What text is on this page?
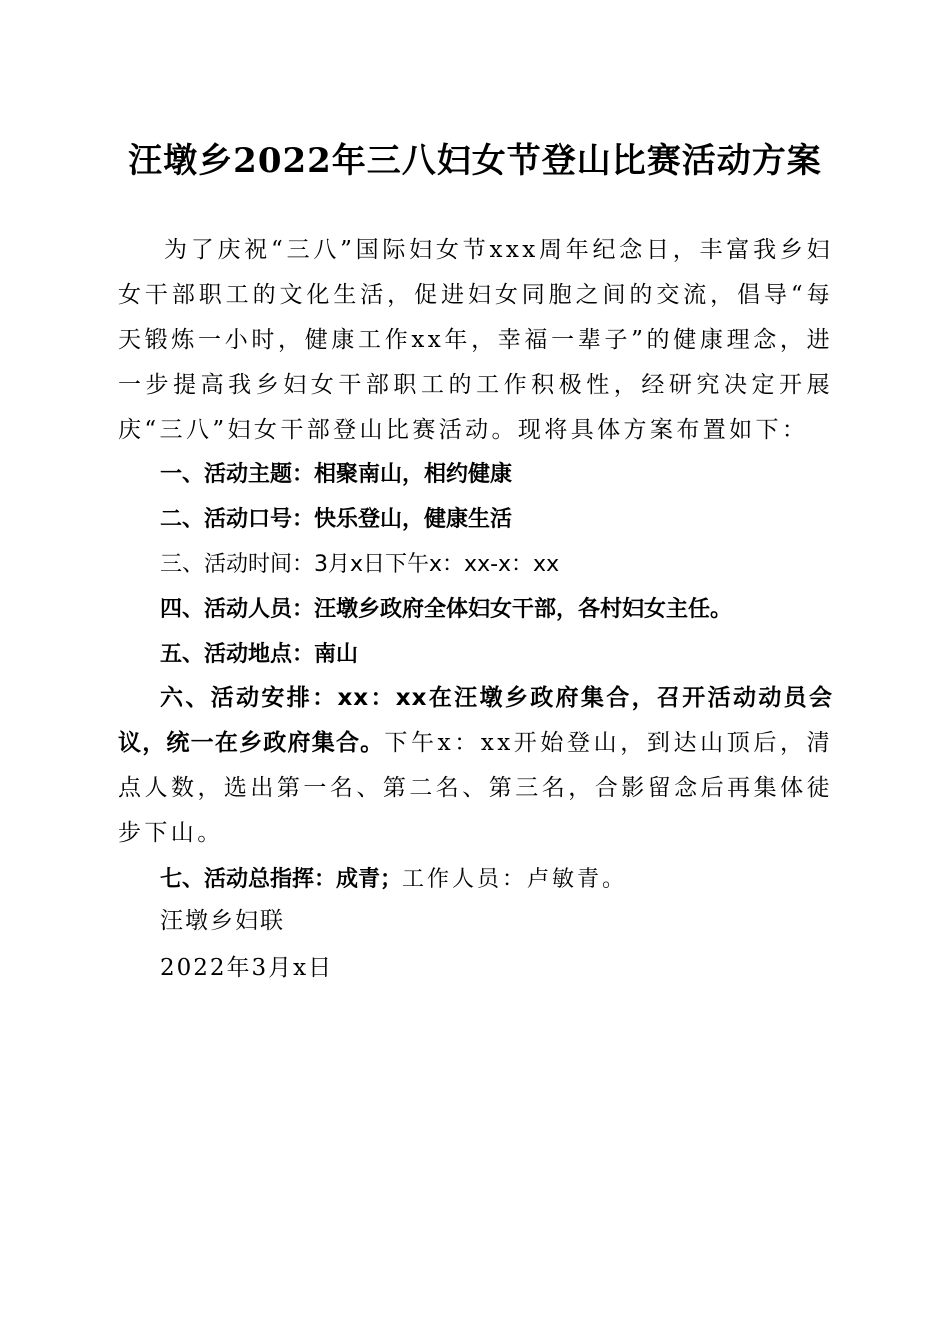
汪墩乡2022年三八妇女节登山比赛活动方案
为了庆祝“三八”国际妇女节xxx周年纪念日，丰富我乡妇女干部职工的文化生活，促进妇女同胞之间的交流，倡导“每天锻炼一小时，健康工作xx年，幸福一辈子”的健康理念，进一步提高我乡妇女干部职工的工作积极性，经研究决定开展庆“三八”妇女干部登山比赛活动。现将具体方案布置如下：
一、活动主题：相聚南山，相约健康
二、活动口号：快乐登山，健康生活
三、活动时间：3月x日下午x：xx-x：xx
四、活动人员：汪墩乡政府全体妇女干部，各村妇女主任。
五、活动地点：南山
六、活动安排：xx：xx在汪墩乡政府集合，召开活动动员会议，统一在乡政府集合。下午x：xx开始登山，到达山顶后，清点人数，选出第一名、第二名、第三名，合影留念后再集体徒步下山。
七、活动总指挥：成青；工作人员：卢敏青。
汪墩乡妇联
2022年3月x日
